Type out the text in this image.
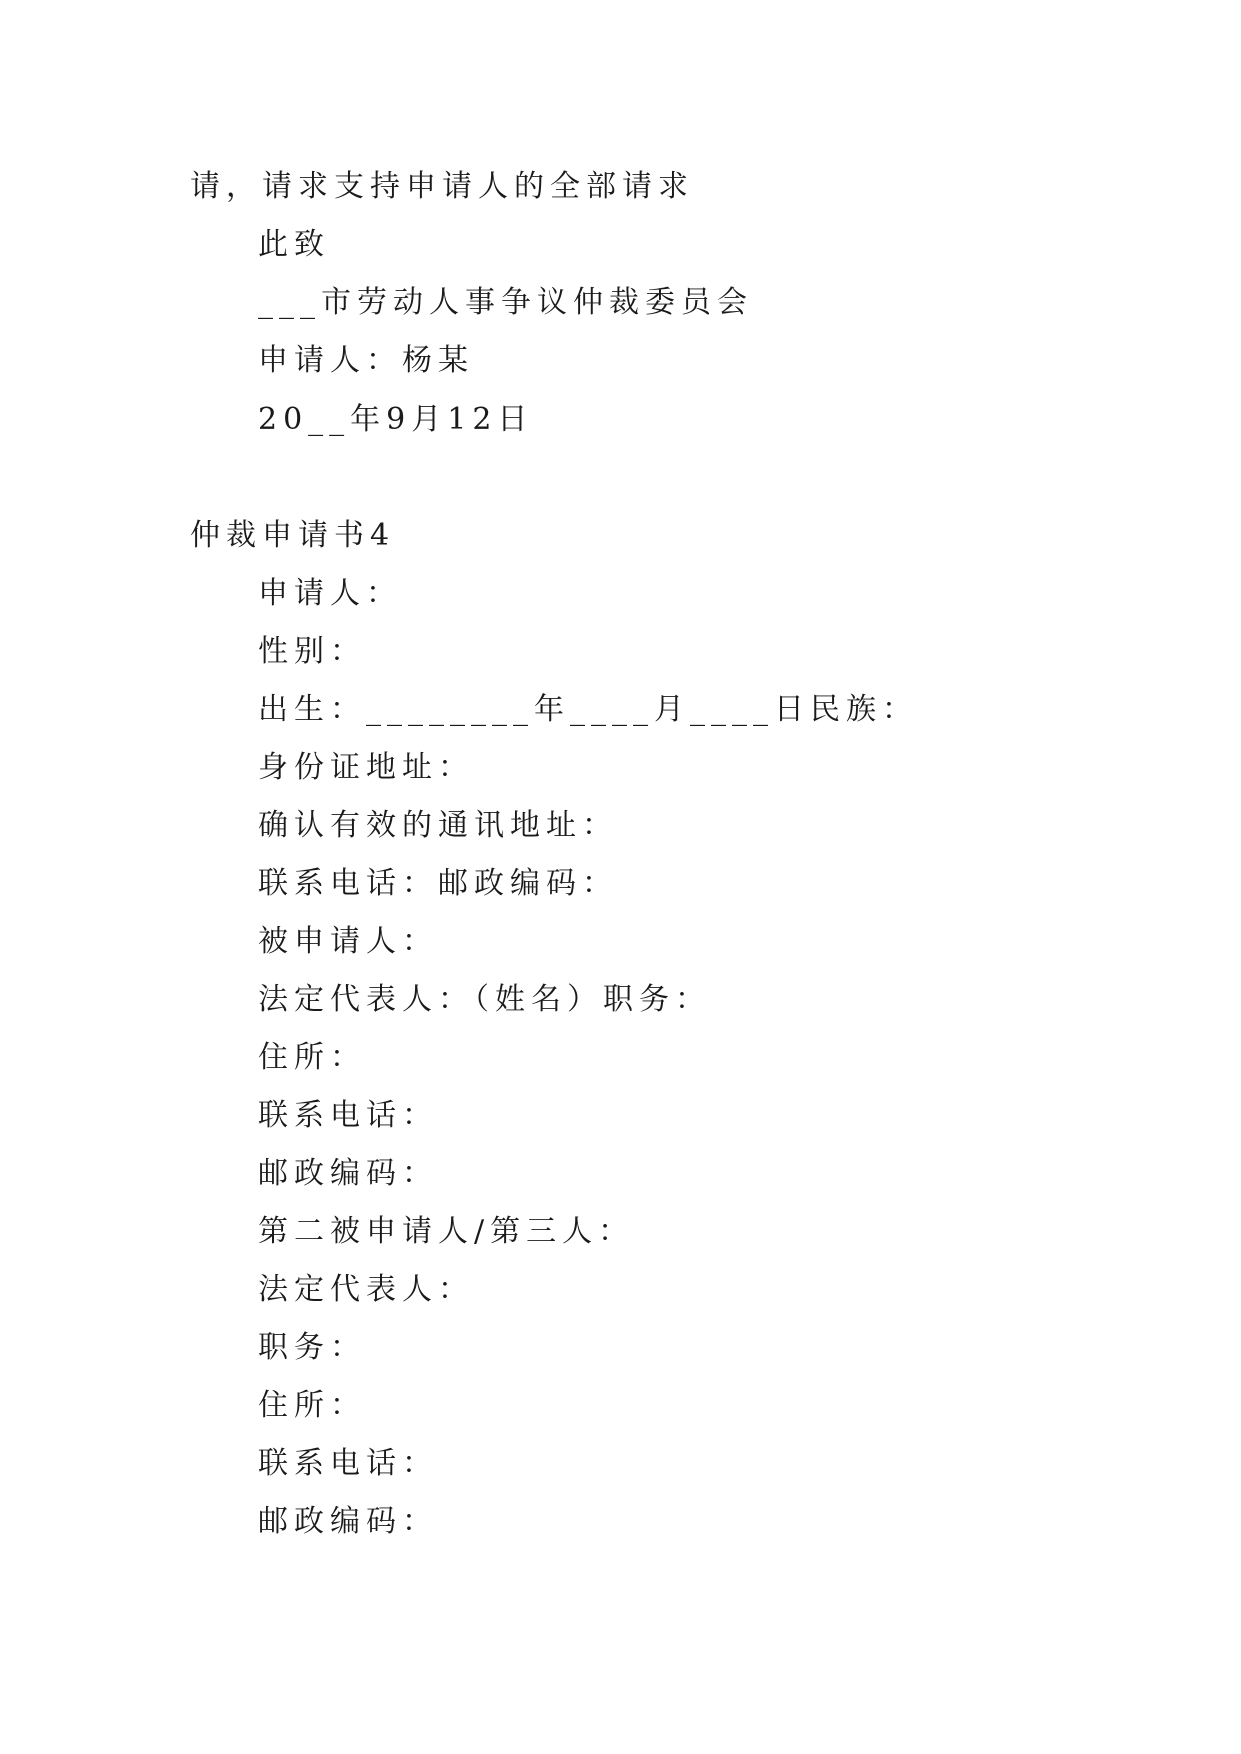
请，请求支持申请人的全部请求
此致
___市劳动人事争议仲裁委员会
申请人：杨某
20__年9月12日
仲裁申请书4
申请人：
性别：
出生：________年____月____日民族：
身份证地址：
确认有效的通讯地址：
联系电话：邮政编码：
被申请人：
法定代表人：（姓名）职务：
住所：
联系电话：
邮政编码：
第二被申请人/第三人：
法定代表人：
职务：
住所：
联系电话：
邮政编码：
